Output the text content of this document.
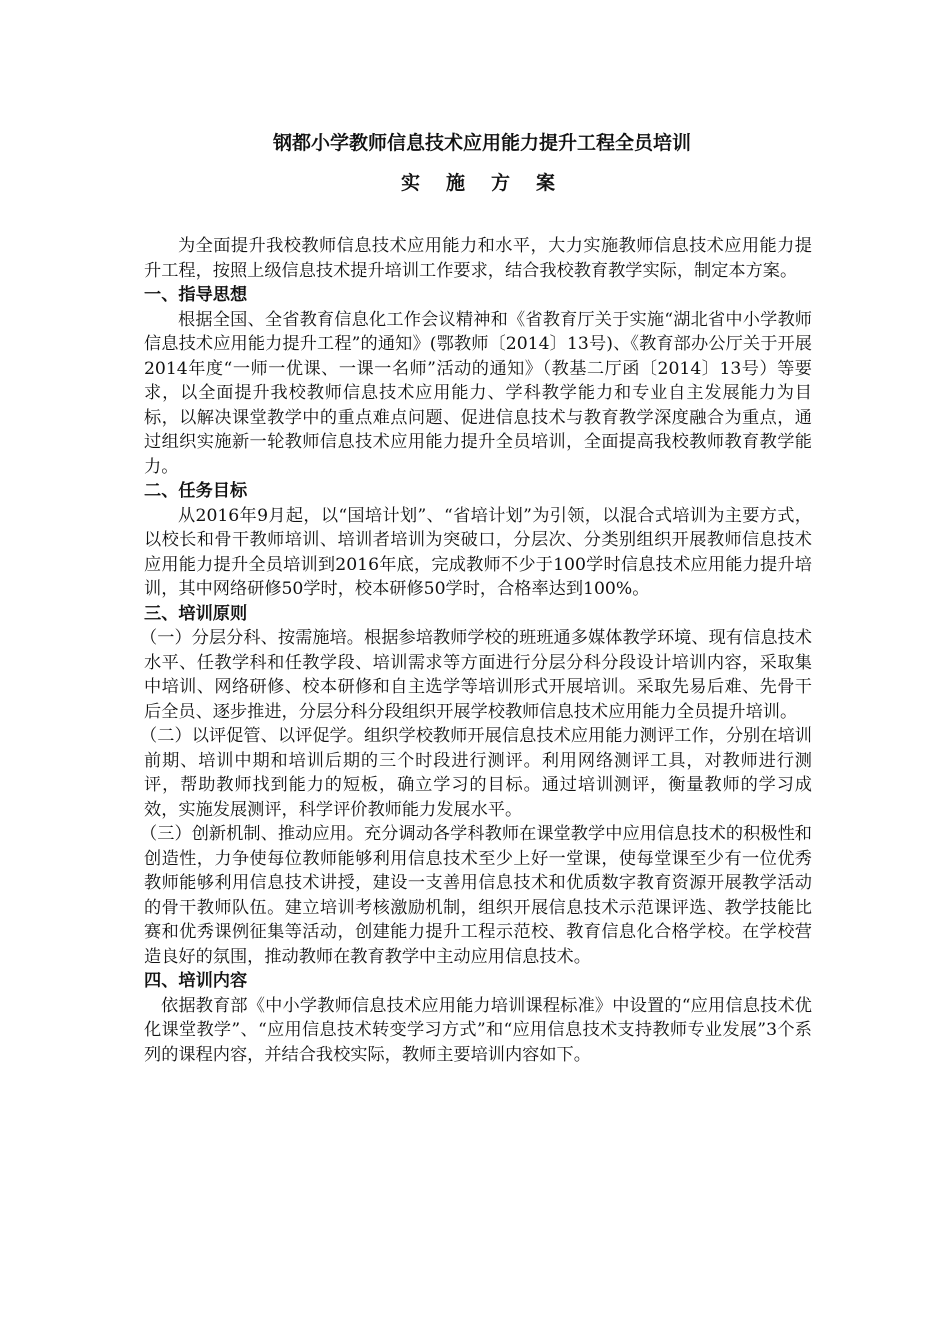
钢都小学教师信息技术应用能力提升工程全员培训
实施方案

为全面提升我校教师信息技术应用能力和水平，大力实施教师信息技术应用能力提升工程，按照上级信息技术提升培训工作要求，结合我校教育教学实际，制定本方案。

一、指导思想

根据全国、全省教育信息化工作会议精神和《省教育厅关于实施“湖北省中小学教师信息技术应用能力提升工程”的通知》(鄂教师〔2014〕13号)、《教育部办公厅关于开展2014年度“一师一优课、一课一名师”活动的通知》（教基二厅函〔2014〕13号）等要求，以全面提升我校教师信息技术应用能力、学科教学能力和专业自主发展能力为目标，以解决课堂教学中的重点难点问题、促进信息技术与教育教学深度融合为重点，通过组织实施新一轮教师信息技术应用能力提升全员培训，全面提高我校教师教育教学能力。

二、任务目标

从2016年9月起，以“国培计划”、“省培计划”为引领，以混合式培训为主要方式，以校长和骨干教师培训、培训者培训为突破口，分层次、分类别组织开展教师信息技术应用能力提升全员培训到2016年底，完成教师不少于100学时信息技术应用能力提升培训，其中网络研修50学时，校本研修50学时，合格率达到100%。

三、培训原则

（一）分层分科、按需施培。根据参培教师学校的班班通多媒体教学环境、现有信息技术水平、任教学科和任教学段、培训需求等方面进行分层分科分段设计培训内容，采取集中培训、网络研修、校本研修和自主选学等培训形式开展培训。采取先易后难、先骨干后全员、逐步推进，分层分科分段组织开展学校教师信息技术应用能力全员提升培训。

（二）以评促管、以评促学。组织学校教师开展信息技术应用能力测评工作，分别在培训前期、培训中期和培训后期的三个时段进行测评。利用网络测评工具，对教师进行测评，帮助教师找到能力的短板，确立学习的目标。通过培训测评，衡量教师的学习成效，实施发展测评，科学评价教师能力发展水平。

（三）创新机制、推动应用。充分调动各学科教师在课堂教学中应用信息技术的积极性和创造性，力争使每位教师能够利用信息技术至少上好一堂课，使每堂课至少有一位优秀教师能够利用信息技术讲授，建设一支善用信息技术和优质数字教育资源开展教学活动的骨干教师队伍。建立培训考核激励机制，组织开展信息技术示范课评选、教学技能比赛和优秀课例征集等活动，创建能力提升工程示范校、教育信息化合格学校。在学校营造良好的氛围，推动教师在教育教学中主动应用信息技术。

四、培训内容

依据教育部《中小学教师信息技术应用能力培训课程标准》中设置的“应用信息技术优化课堂教学”、“应用信息技术转变学习方式”和“应用信息技术支持教师专业发展”3个系列的课程内容，并结合我校实际，教师主要培训内容如下。
